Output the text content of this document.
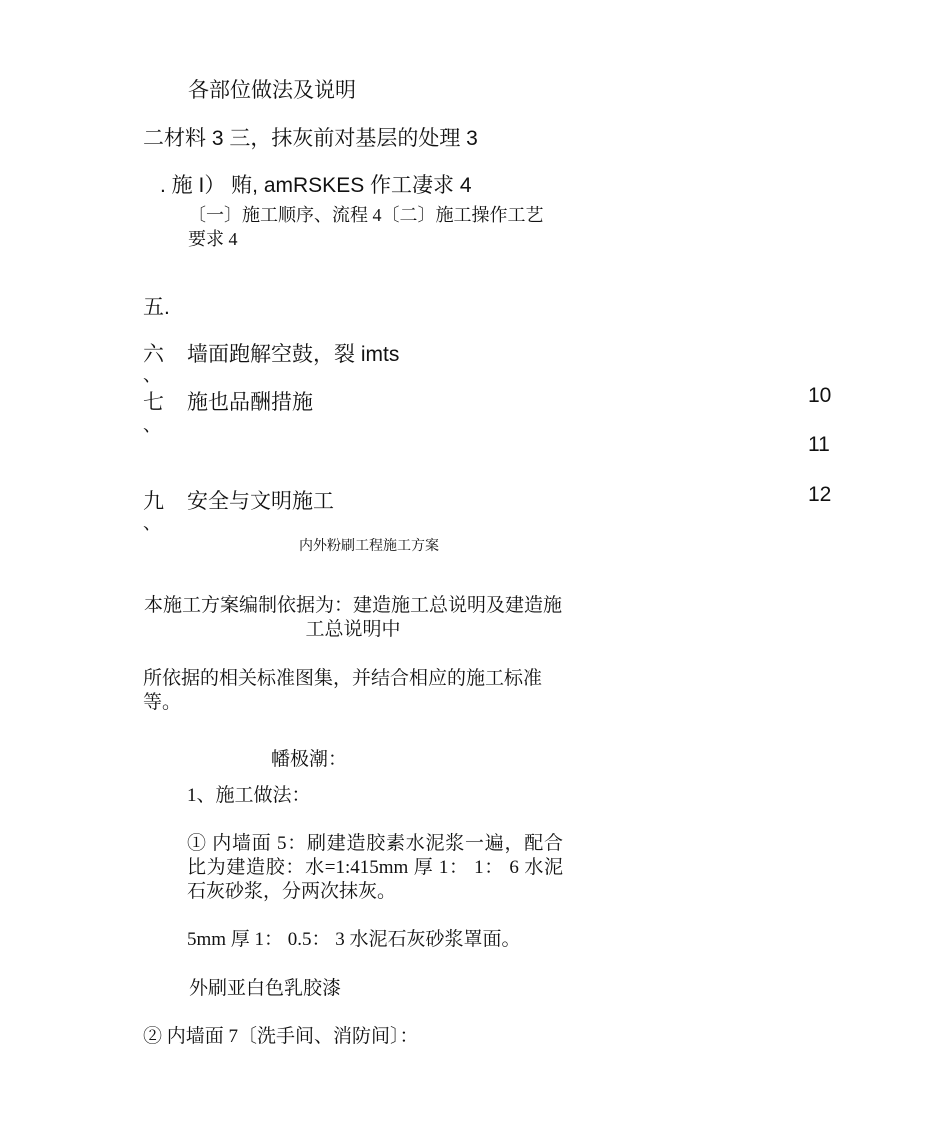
各部位做法及说明
二材料 3 三，抹灰前对基层的处理 3
. 施 I） 贿, amRSKES 作工凄求 4
〔一〕施工顺序、流程 4〔二〕施工操作工艺要求 4
五.
六 墙面跑解空鼓，裂 imts
、
七 施也品酬措施	10
、
11
九 安全与文明施工	12
、
内外粉刷工程施工方案
本施工方案编制依据为：建造施工总说明及建造施工总说明中
所依据的相关标准图集，并结合相应的施工标准等。
幡极潮：
1、施工做法：
① 内墙面 5：刷建造胶素水泥浆一遍，配合比为建造胶：水=1:415mm 厚 1： 1： 6 水泥石灰砂浆，分两次抹灰。
5mm 厚 1： 0.5： 3 水泥石灰砂浆罩面。
外刷亚白色乳胶漆
② 内墙面 7〔洗手间、消防间〕：
